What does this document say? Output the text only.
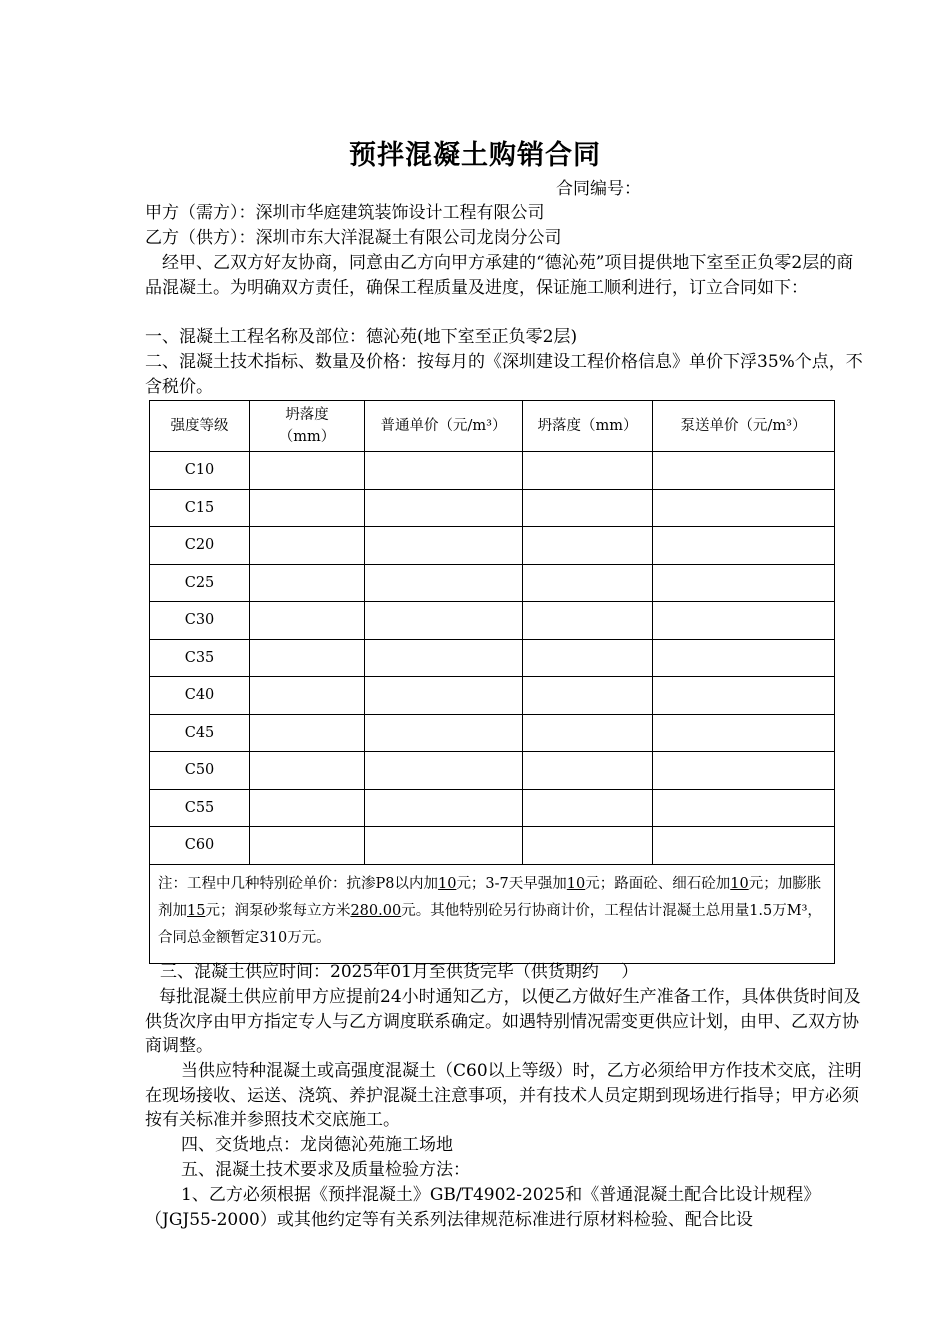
预拌混凝土购销合同
合同编号：
甲方（需方）：深圳市华庭建筑装饰设计工程有限公司
乙方（供方）：深圳市东大洋混凝土有限公司龙岗分公司

经甲、乙双方好友协商，同意由乙方向甲方承建的“德沁苑”项目提供地下室至正负零2层的商品混凝土。为明确双方责任，确保工程质量及进度，保证施工顺利进行，订立合同如下：

一、混凝土工程名称及部位：德沁苑(地下室至正负零2层)

二、混凝土技术指标、数量及价格：按每月的《深圳建设工程价格信息》单价下浮35%个点，不含税价。

强度等级	坍落度（mm）	普通单价（元/m³）	坍落度（mm）	泵送单价（元/m³）
C10				
C15				
C20				
C25				
C30				
C35				
C40				
C45				
C50				
C55				
C60				
注：工程中几种特别砼单价：抗渗P8以内加10元；3-7天早强加10元；路面砼、细石砼加10元；加膨胀剂加15元；润泵砂浆每立方米280.00元。其他特别砼另行协商计价，工程估计混凝土总用量1.5万M³，合同总金额暂定310万元。				
三、混凝土供应时间：2025年01月至供货完毕（供货期约　 ）

每批混凝土供应前甲方应提前24小时通知乙方，以便乙方做好生产准备工作，具体供货时间及供货次序由甲方指定专人与乙方调度联系确定。如遇特别情况需变更供应计划，由甲、乙双方协商调整。

当供应特种混凝土或高强度混凝土（C60以上等级）时，乙方必须给甲方作技术交底，注明在现场接收、运送、浇筑、养护混凝土注意事项，并有技术人员定期到现场进行指导；甲方必须按有关标准并参照技术交底施工。

四、交货地点：龙岗德沁苑施工场地
五、混凝土技术要求及质量检验方法：

1、乙方必须根据《预拌混凝土》GB/T4902-2025和《普通混凝土配合比设计规程》（JGJ55-2000）或其他约定等有关系列法律规范标准进行原材料检验、配合比设
